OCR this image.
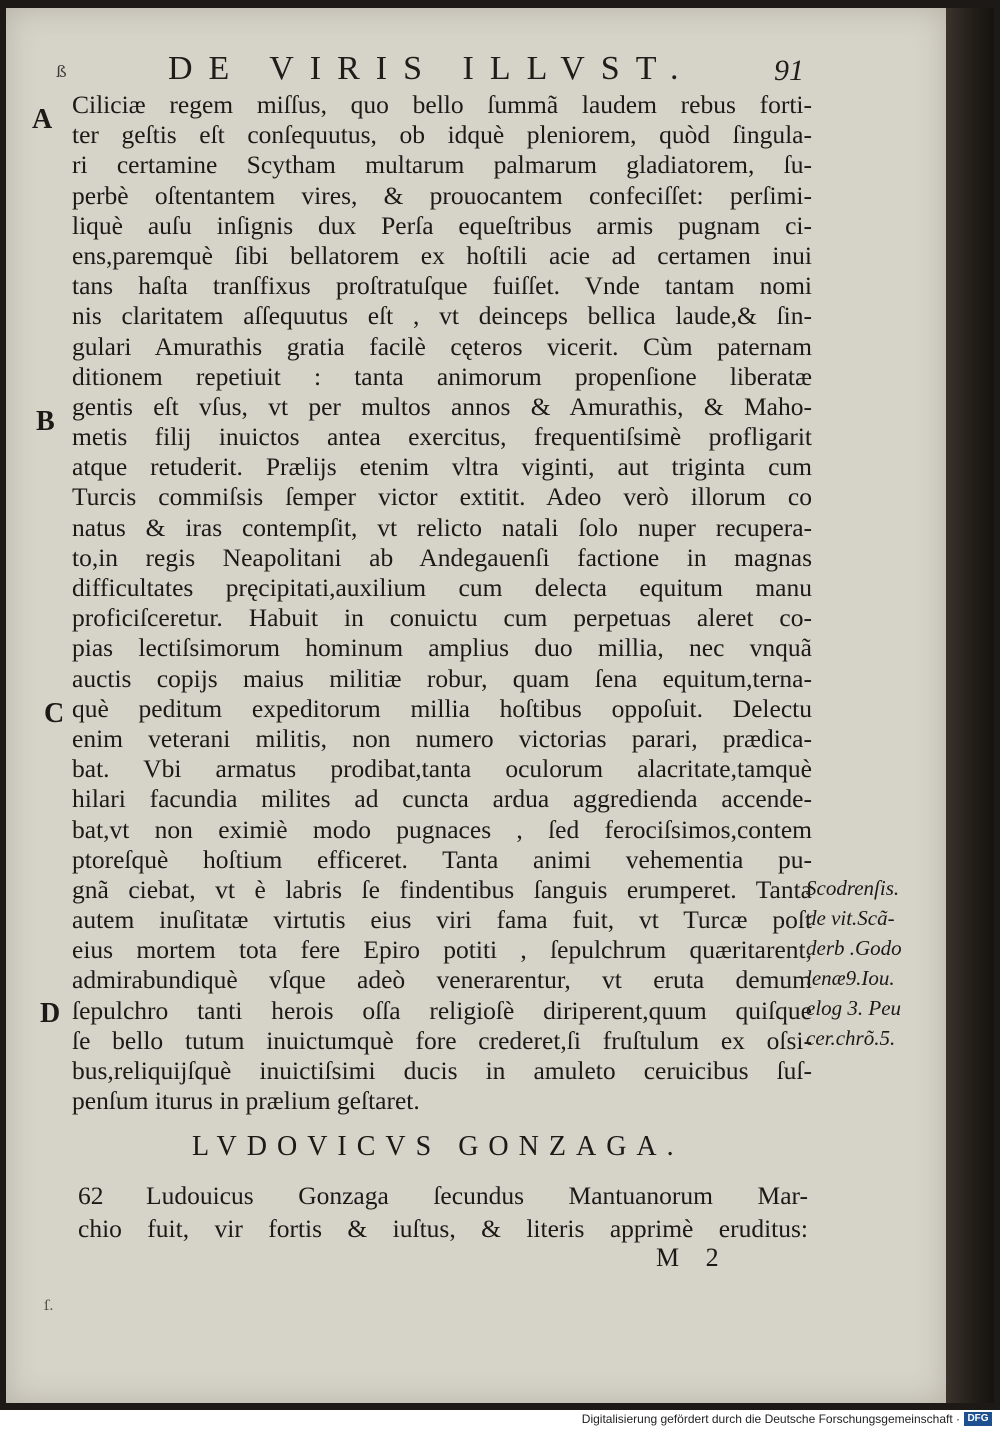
ß	DE VIRIS ILLVST.	91
A
B
C
D
Ciliciæ regem miſſus, quo bello ſummã laudem rebus forti-
ter geſtis eſt conſequutus, ob idquè pleniorem, quòd ſingula-
ri certamine Scytham multarum palmarum gladiatorem, ſu-
perbè oſtentantem vires, & prouocantem confeciſſet: perſimi-
liquè auſu inſignis dux Perſa equeſtribus armis pugnam ci-
ens,paremquè ſibi bellatorem ex hoſtili acie ad certamen inui
tans haſta tranſfixus proſtratuſque fuiſſet. Vnde tantam nomi
nis claritatem aſſequutus eſt , vt deinceps bellica laude,& ſin-
gulari Amurathis gratia facilè cęteros vicerit. Cùm paternam
ditionem repetiuit : tanta animorum propenſione liberatæ
gentis eſt vſus, vt per multos annos & Amurathis, & Maho-
metis filij inuictos antea exercitus, frequentiſsimè profligarit
atque retuderit. Prælijs etenim vltra viginti, aut triginta cum
Turcis commiſsis ſemper victor extitit. Adeo verò illorum co
natus & iras contempſit, vt relicto natali ſolo nuper recupera-
to,in regis Neapolitani ab Andegauenſi factione in magnas
difficultates pręcipitati,auxilium cum delecta equitum manu
proficiſceretur. Habuit in conuictu cum perpetuas aleret co-
pias lectiſsimorum hominum amplius duo millia, nec vnquã
auctis copijs maius militiæ robur, quam ſena equitum,terna-
què peditum expeditorum millia hoſtibus oppoſuit. Delectu
enim veterani militis, non numero victorias parari, prædica-
bat. Vbi armatus prodibat,tanta oculorum alacritate,tamquè
hilari facundia milites ad cuncta ardua aggredienda accende-
bat,vt non eximiè modo pugnaces , ſed ferociſsimos,contem
ptoreſquè hoſtium efficeret. Tanta animi vehementia pu-
gnã ciebat, vt è labris ſe findentibus ſanguis erumperet. Tanta
autem inuſitatæ virtutis eius viri fama fuit, vt Turcæ poſt
eius mortem tota fere Epiro potiti , ſepulchrum quæritarent,
admirabundiquè vſque adeò venerarentur, vt eruta demum
ſepulchro tanti herois oſſa religioſè diriperent,quum quiſque
ſe bello tutum inuictumquè fore crederet,ſi fruſtulum ex oſsi-
bus,reliquijſquè inuictiſsimi ducis in amuleto ceruicibus ſuſ-
penſum iturus in prælium geſtaret.
Scodrenſis.
de vit.Scã-
derb .Godo
lenæ9.Iou.
elog 3. Peu
cer.chrõ.5.
LVDOVICVS GONZAGA.
62 Ludouicus Gonzaga ſecundus Mantuanorum Mar-
chio fuit, vir fortis & iuſtus, & literis apprimè eruditus:
M 2
ſ.
Digitalisierung gefördert durch die Deutsche Forschungsgemeinschaft · DFG
